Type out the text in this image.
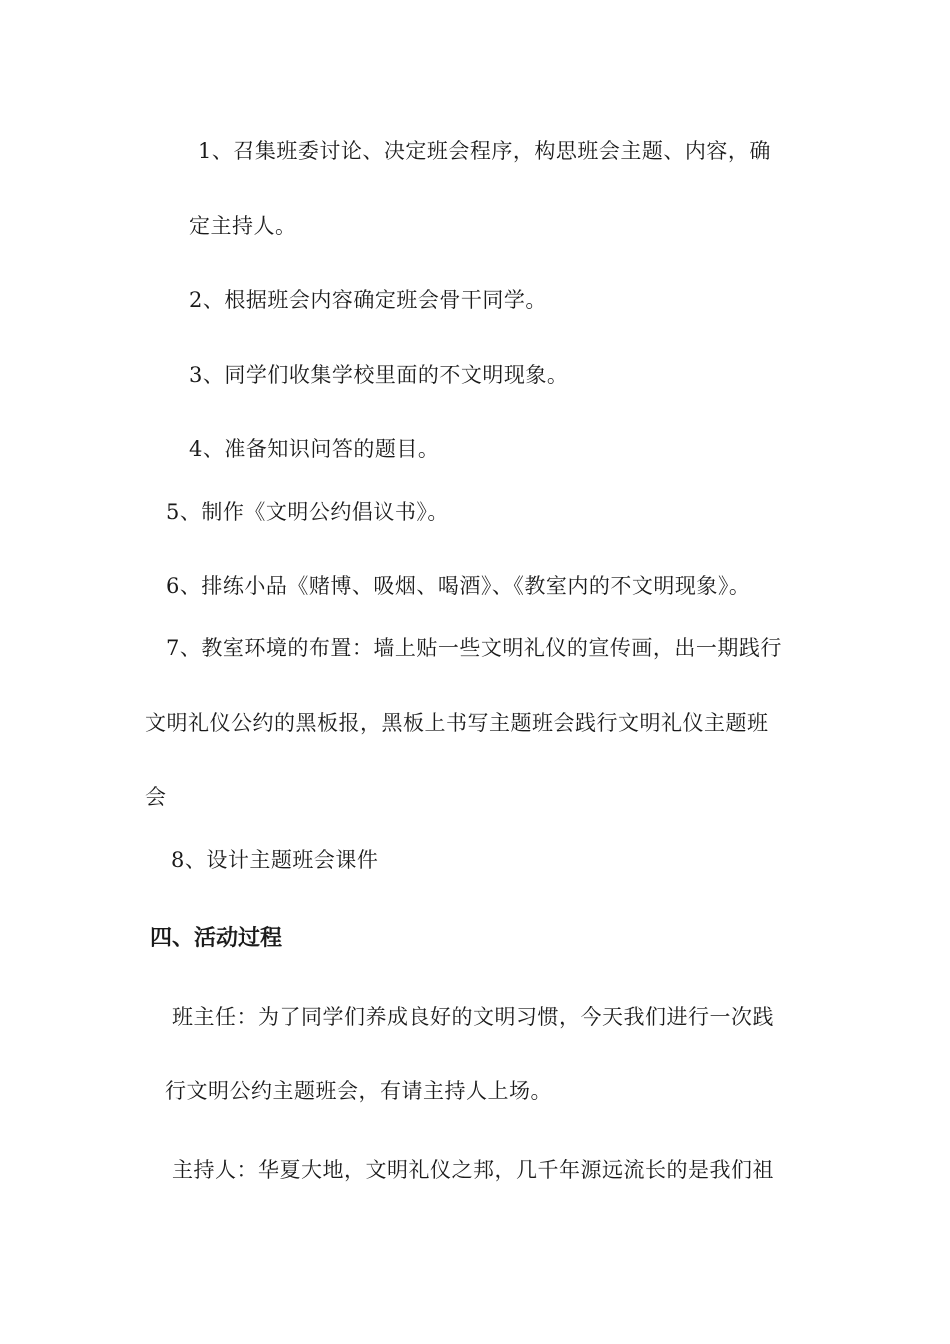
1、召集班委讨论、决定班会程序，构思班会主题、内容，确
定主持人。
2、根据班会内容确定班会骨干同学。
3、同学们收集学校里面的不文明现象。
4、准备知识问答的题目。
5、制作《文明公约倡议书》。
6、排练小品《赌博、吸烟、喝酒》、《教室内的不文明现象》。
7、教室环境的布置：墙上贴一些文明礼仪的宣传画，出一期践行
文明礼仪公约的黑板报，黑板上书写主题班会践行文明礼仪主题班
会
8、设计主题班会课件
四、活动过程
班主任：为了同学们养成良好的文明习惯，今天我们进行一次践
行文明公约主题班会，有请主持人上场。
主持人：华夏大地，文明礼仪之邦，几千年源远流长的是我们祖
